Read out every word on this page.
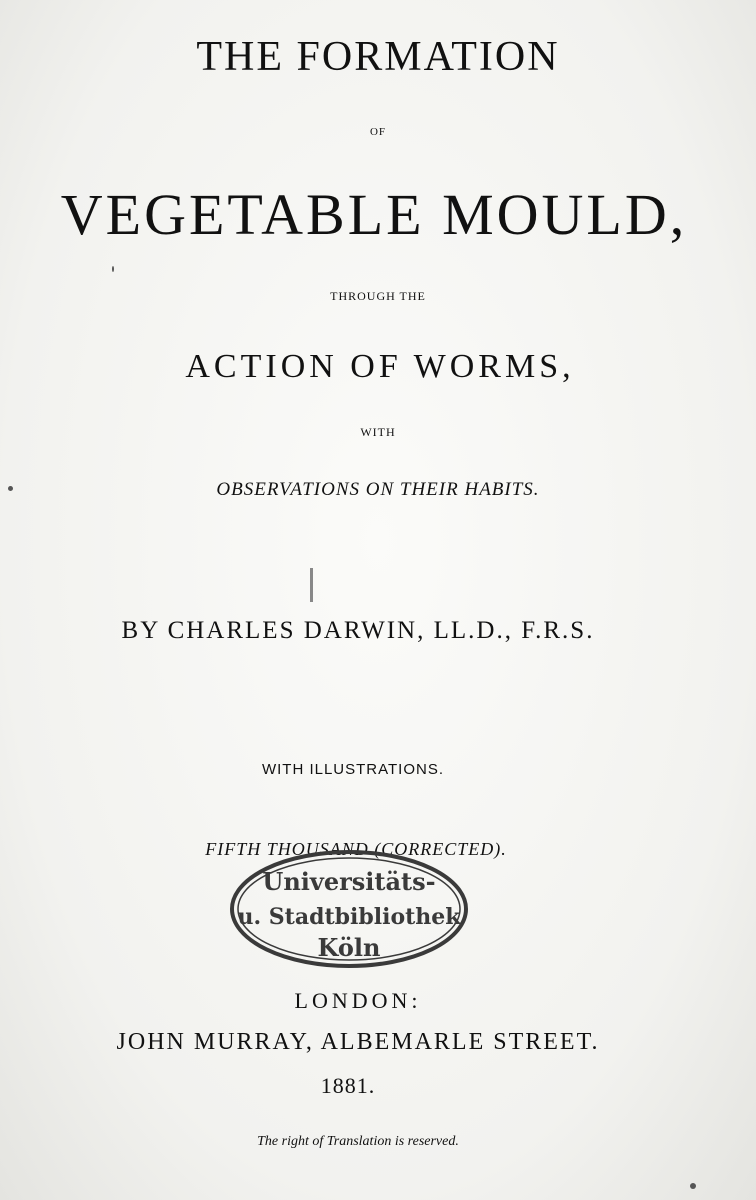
THE FORMATION
OF
VEGETABLE MOULD,
THROUGH THE
ACTION OF WORMS,
WITH
OBSERVATIONS ON THEIR HABITS.
BY CHARLES DARWIN, LL.D., F.R.S.
WITH ILLUSTRATIONS.
FIFTH THOUSAND (CORRECTED).
Universitäts-
u. Stadtbibliothek
Köln
LONDON:
JOHN MURRAY, ALBEMARLE STREET.
1881.
The right of Translation is reserved.
